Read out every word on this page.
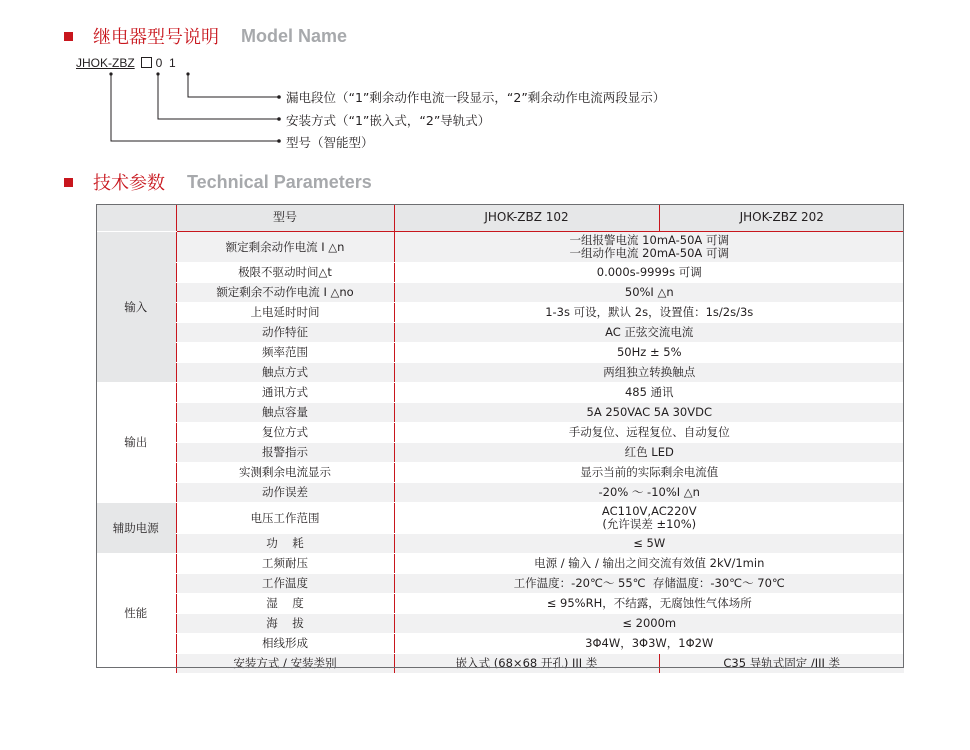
继电器型号说明 Model Name
JHOK-ZBZ 0  1
漏电段位（“1”剩余动作电流一段显示，“2”剩余动作电流两段显示）
安装方式（“1”嵌入式，“2”导轨式）
型号（智能型）
技术参数 Technical Parameters
	型号	JHOK-ZBZ 102	JHOK-ZBZ 202
输入	额定剩余动作电流 I △n	一组报警电流 10mA-50A 可调
一组动作电流 20mA-50A 可调	

	极限不驱动时间△t	0.000s-9999s 可调	
	额定剩余不动作电流 I △no	50%I △n	
	上电延时时间	1-3s 可设，默认 2s，设置值：1s/2s/3s	
	动作特征	AC 正弦交流电流	
	频率范围	50Hz ± 5%	
	触点方式	两组独立转换触点	
输出	通讯方式	485 通讯	
	触点容量	5A 250VAC 5A 30VDC	
	复位方式	手动复位、远程复位、自动复位	
	报警指示	红色 LED	
	实测剩余电流显示	显示当前的实际剩余电流值	
	动作误差	-20% ～ -10%I △n	
辅助电源	电压工作范围	AC110V,AC220V
(允许误差 ±10%)	

	功    耗	≤ 5W	
性能	工频耐压	电源 / 输入 / 输出之间交流有效值 2kV/1min	
	工作温度	工作温度：-20℃～ 55℃  存储温度：-30℃～ 70℃	
	湿    度	≤ 95%RH，不结露，无腐蚀性气体场所	
	海    拔	≤ 2000m	
	相线形成	3Φ4W，3Φ3W，1Φ2W	
	安装方式 / 安装类别	嵌入式 (68×68 开孔) III 类	C35 导轨式固定 /III 类
